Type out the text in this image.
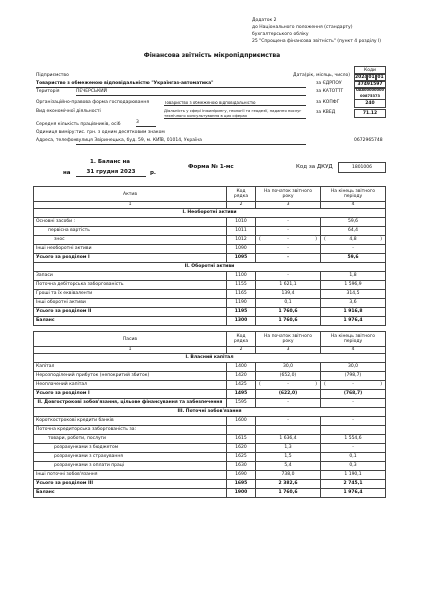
Додаток 2
до Національного положення (стандарту)
бухгалтерського обліку
25 "Спрощена фінансова звітність" (пункт 4 розділу І)
Фінансова звітність мікропідприємства
Коди
Дата(рік, місяць, число) 2024 01 01
Підприємство
Товариство з обмеженою відповідальністю "Українгаз-автоматика"	за ЄДРПОУ	37491597
Територія	ПЕЧЕРСЬКИЙ	за КАТОТТГ	UA80000000000875373
Організаційно-правова форма господарювання	Товариство з обмеженою відповідальністю	за КОПФГ	240
Вид економічної діяльності	Діяльність у сфері інжинірингу, геології та геодезії, надання послуг технічного консультування в цих сферах
за КВЕД	71.12
Середня кількість працівників, осіб	3
Одиниця виміру: тис. грн. з одним десятковим знаком
Адреса, телефон вулиця Звіринецька, буд. 59, м. КИЇВ, 01014, Україна	0672965748
1. Баланс на
на	31 грудня 2023	р.
Форма № 1-мс	Код за ДКУД	1801006
Актив	Код рядка	На початок звітного року	На кінець звітного періоду
1	2	3	4
І. Необоротні активи			
Основні засоби :	1010	-	59,6
первісна вартість	1011	-	64,4
знос	1012	( - )	( 4,8 )

Інші необоротні активи	1090	-	-
Усього за розділом І	1095	-	59,6
ІІ. Оборотні активи			
Запаси	1100	-	1,8
Поточна дебіторська заборгованість	1155	1 621,1	1 596,9
Гроші та їх еквіваленти	1165	139,4	314,5
Інші оборотні активи	1190	0,1	3,6
Усього за розділом ІІ	1195	1 760,6	1 916,8
Баланс	1300	1 760,6	1 976,4
Пасив	Код рядка	На початок звітного року	На кінець звітного періоду
1	2	3	4
І. Власний капітал			
Капітал	1400	30,0	30,0
Нерозподілений прибуток (непокритий збиток)	1420	(652,0)	(798,7)
Неоплачений капітал	1425	( - )	( - )

Усього за розділом І	1495	(622,0)	(768,7)
ІІ. Довгострокові зобов'язання, цільове фінансування та забезпечення	1595	-	-
ІІІ. Поточні зобов'язання			
Короткострокові кредити банків	1600	-	-
Поточна кредиторська заборгованість за:			
товари, роботи, послуги	1615	1 636,4	1 554,6
розрахунками з бюджетом	1620	1,3	-
розрахунками з страхування	1625	1,5	0,1
розрахунками з оплати праці	1630	5,4	0,3
Інші поточні зобов'язання	1690	738,0	1 190,1
Усього за розділом ІІІ	1695	2 382,6	2 745,1
Баланс	1900	1 760,6	1 976,4
